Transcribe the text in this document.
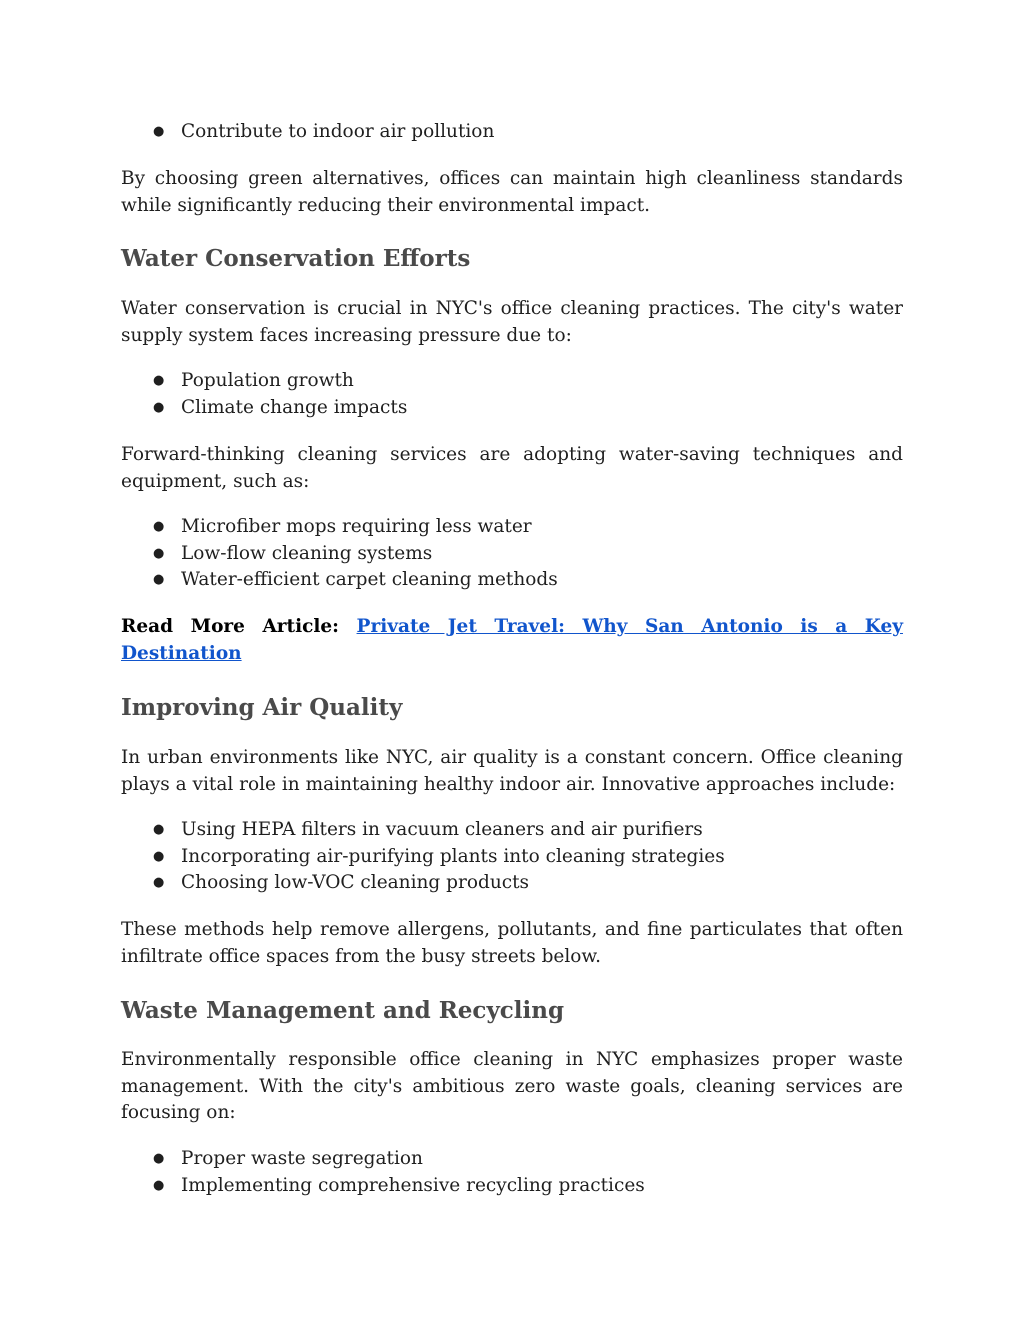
● Contribute to indoor air pollution

By choosing green alternatives, offices can maintain high cleanliness standards while significantly reducing their environmental impact.

Water Conservation Efforts

Water conservation is crucial in NYC's office cleaning practices. The city's water supply system faces increasing pressure due to:

● Population growth
● Climate change impacts

Forward-thinking cleaning services are adopting water-saving techniques and equipment, such as:

● Microfiber mops requiring less water
● Low-flow cleaning systems
● Water-efficient carpet cleaning methods

Read More Article: Private Jet Travel: Why San Antonio is a Key Destination

Improving Air Quality

In urban environments like NYC, air quality is a constant concern. Office cleaning plays a vital role in maintaining healthy indoor air. Innovative approaches include:

● Using HEPA filters in vacuum cleaners and air purifiers
● Incorporating air-purifying plants into cleaning strategies
● Choosing low-VOC cleaning products

These methods help remove allergens, pollutants, and fine particulates that often infiltrate office spaces from the busy streets below.

Waste Management and Recycling

Environmentally responsible office cleaning in NYC emphasizes proper waste management. With the city's ambitious zero waste goals, cleaning services are focusing on:

● Proper waste segregation
● Implementing comprehensive recycling practices
